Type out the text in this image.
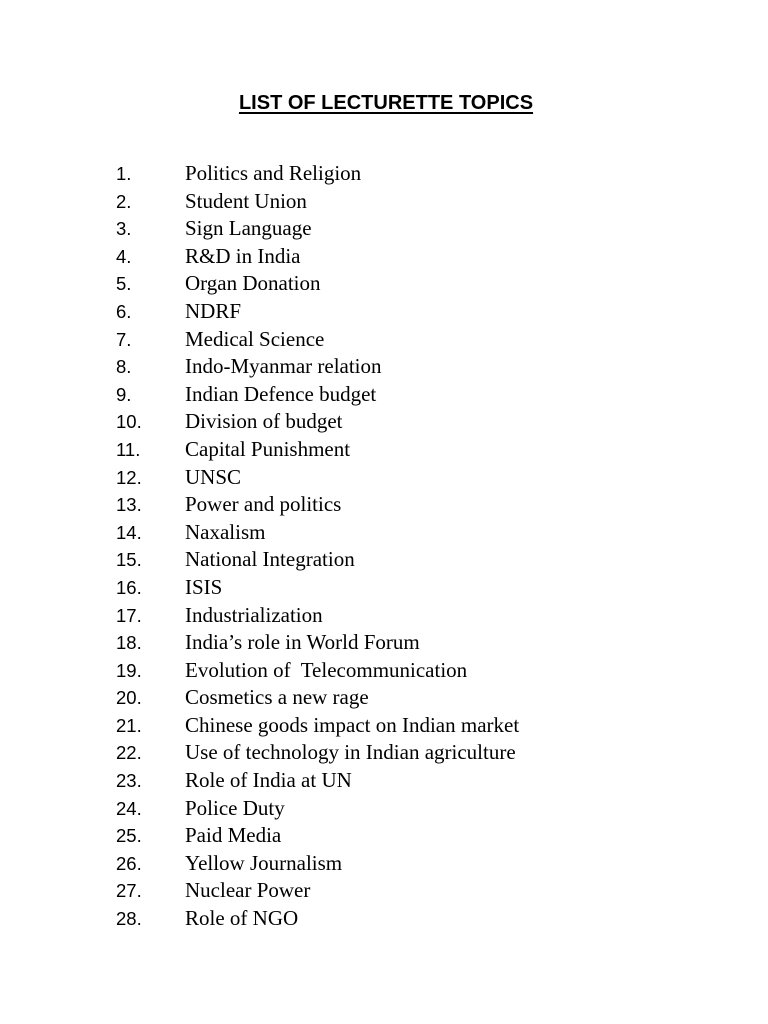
LIST OF LECTURETTE TOPICS
1.	Politics and Religion
2.	Student Union
3.	Sign Language
4.	R&D in India
5.	Organ Donation
6.	NDRF
7.	Medical Science
8.	Indo-Myanmar relation
9.	Indian Defence budget
10. Division of budget
11. Capital Punishment
12. UNSC
13. Power and politics
14. Naxalism
15. National Integration
16. ISIS
17. Industrialization
18. India’s role in World Forum
19. Evolution of  Telecommunication
20. Cosmetics a new rage
21. Chinese goods impact on Indian market
22. Use of technology in Indian agriculture
23. Role of India at UN
24. Police Duty
25. Paid Media
26. Yellow Journalism
27. Nuclear Power
28. Role of NGO
